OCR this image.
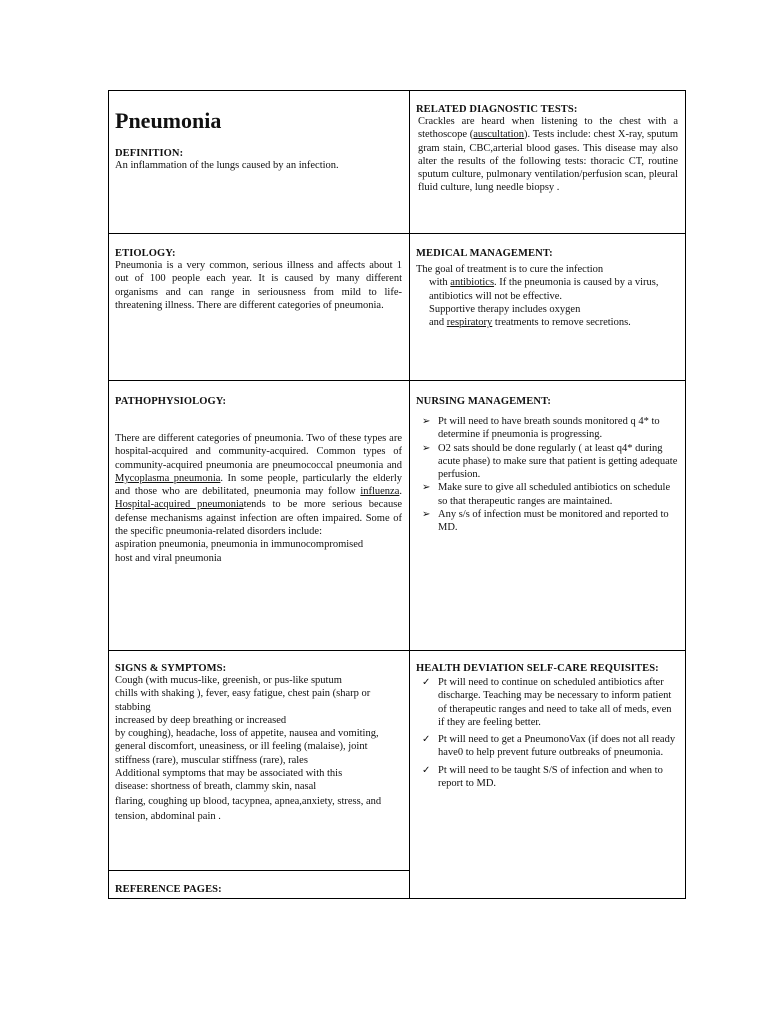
Pneumonia
DEFINITION:
An inflammation of the lungs caused by an infection.
RELATED DIAGNOSTIC TESTS:
Crackles are heard when listening to the chest with a stethoscope (auscultation). Tests include: chest X-ray, sputum gram stain, CBC,arterial blood gases. This disease may also alter the results of the following tests: thoracic CT, routine sputum culture, pulmonary ventilation/perfusion scan, pleural fluid culture, lung needle biopsy .
ETIOLOGY:
Pneumonia is a very common, serious illness and affects about 1 out of 100 people each year. It is caused by many different organisms and can range in seriousness from mild to life-threatening illness. There are different categories of pneumonia.
MEDICAL MANAGEMENT:
The goal of treatment is to cure the infection
with antibiotics. If the pneumonia is caused by a virus,
antibiotics will not be effective.
Supportive therapy includes oxygen
and respiratory treatments to remove secretions.
PATHOPHYSIOLOGY:
There are different categories of pneumonia. Two of these types are hospital-acquired and community-acquired. Common types of community-acquired pneumonia are pneumococcal pneumonia and Mycoplasma pneumonia. In some people, particularly the elderly and those who are debilitated, pneumonia may follow influenza. Hospital-acquired pneumoniatends to be more serious because defense mechanisms against infection are often impaired. Some of the specific pneumonia-related disorders include:
aspiration pneumonia, pneumonia in immunocompromised
host and viral pneumonia
NURSING MANAGEMENT:
➢ Pt will need to have breath sounds monitored q 4* to determine if pneumonia is progressing.
➢ O2 sats should be done regularly ( at least q4* during acute phase) to make sure that patient is getting adequate perfusion.
➢ Make sure to give all scheduled antibiotics on schedule so that therapeutic ranges are maintained.
➢ Any s/s of infection must be monitored and reported to MD.
SIGNS & SYMPTOMS:
Cough (with mucus-like, greenish, or pus-like sputum
chills with shaking ), fever, easy fatigue, chest pain (sharp or
stabbing
increased by deep breathing or increased
by coughing), headache, loss of appetite, nausea and vomiting,
general discomfort, uneasiness, or ill feeling (malaise), joint
stiffness (rare), muscular stiffness (rare), rales
Additional symptoms that may be associated with this
disease: shortness of breath, clammy skin, nasal
flaring, coughing up blood, tacypnea, apnea,anxiety, stress, and
tension, abdominal pain .
HEALTH DEVIATION SELF-CARE REQUISITES:
✓ Pt will need to continue on scheduled antibiotics after discharge. Teaching may be necessary to inform patient of therapeutic ranges and need to take all of meds, even if they are feeling better.
✓ Pt will need to get a PneumonoVax (if does not all ready have0 to help prevent future outbreaks of pneumonia.
✓ Pt will need to be taught S/S of infection and when to report to MD.
REFERENCE PAGES:
